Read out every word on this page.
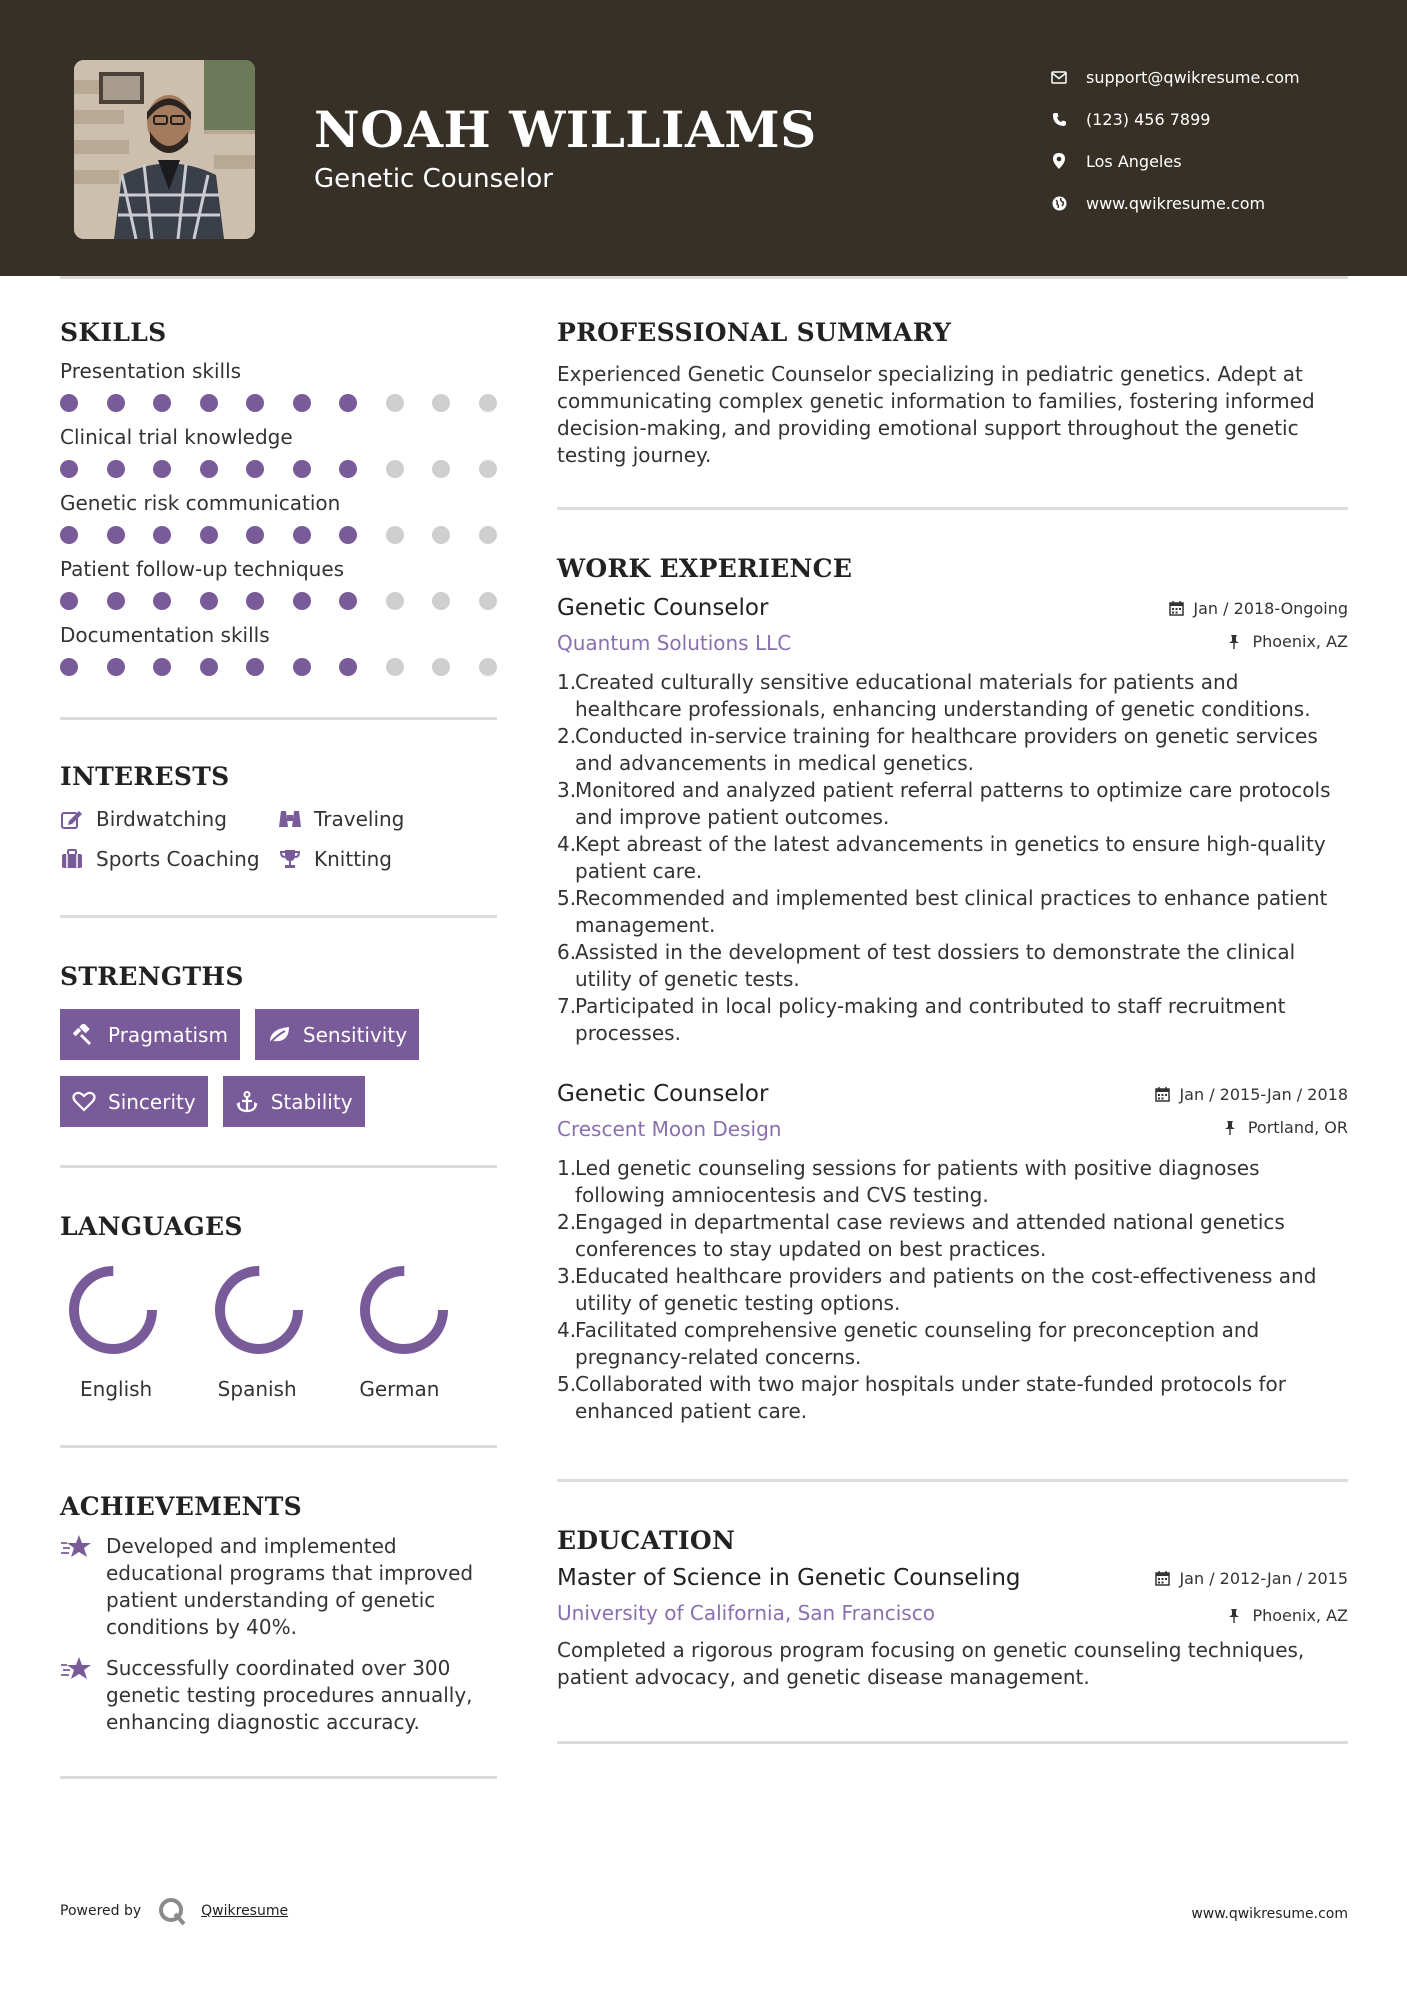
NOAH WILLIAMS
Genetic Counselor
support@qwikresume.com
(123) 456 7899
Los Angeles
www.qwikresume.com
SKILLS
Presentation skills
Clinical trial knowledge
Genetic risk communication
Patient follow-up techniques
Documentation skills
INTERESTS
Birdwatching	Traveling
Sports Coaching	Knitting
STRENGTHS
Pragmatism	Sensitivity
Sincerity	Stability
LANGUAGES
English	Spanish	German
ACHIEVEMENTS
Developed and implemented educational programs that improved patient understanding of genetic conditions by 40%.
Successfully coordinated over 300 genetic testing procedures annually, enhancing diagnostic accuracy.
PROFESSIONAL SUMMARY
Experienced Genetic Counselor specializing in pediatric genetics. Adept at communicating complex genetic information to families, fostering informed decision-making, and providing emotional support throughout the genetic testing journey.
WORK EXPERIENCE
Genetic Counselor	Jan / 2018-Ongoing
Quantum Solutions LLC	Phoenix, AZ
1.
Created culturally sensitive educational materials for patients and healthcare professionals, enhancing understanding of genetic conditions.
2.
Conducted in-service training for healthcare providers on genetic services and advancements in medical genetics.
3.
Monitored and analyzed patient referral patterns to optimize care protocols and improve patient outcomes.
4.
Kept abreast of the latest advancements in genetics to ensure high-quality patient care.
5.
Recommended and implemented best clinical practices to enhance patient management.
6.
Assisted in the development of test dossiers to demonstrate the clinical utility of genetic tests.
7.
Participated in local policy-making and contributed to staff recruitment processes.
Genetic Counselor	Jan / 2015-Jan / 2018
Crescent Moon Design	Portland, OR
1.
Led genetic counseling sessions for patients with positive diagnoses following amniocentesis and CVS testing.
2.
Engaged in departmental case reviews and attended national genetics conferences to stay updated on best practices.
3.
Educated healthcare providers and patients on the cost-effectiveness and utility of genetic testing options.
4.
Facilitated comprehensive genetic counseling for preconception and pregnancy-related concerns.
5.
Collaborated with two major hospitals under state-funded protocols for enhanced patient care.
EDUCATION
Master of Science in Genetic Counseling	Jan / 2012-Jan / 2015
University of California, San Francisco	Phoenix, AZ
Completed a rigorous program focusing on genetic counseling techniques, patient advocacy, and genetic disease management.
Powered by	Qwikresume	www.qwikresume.com
